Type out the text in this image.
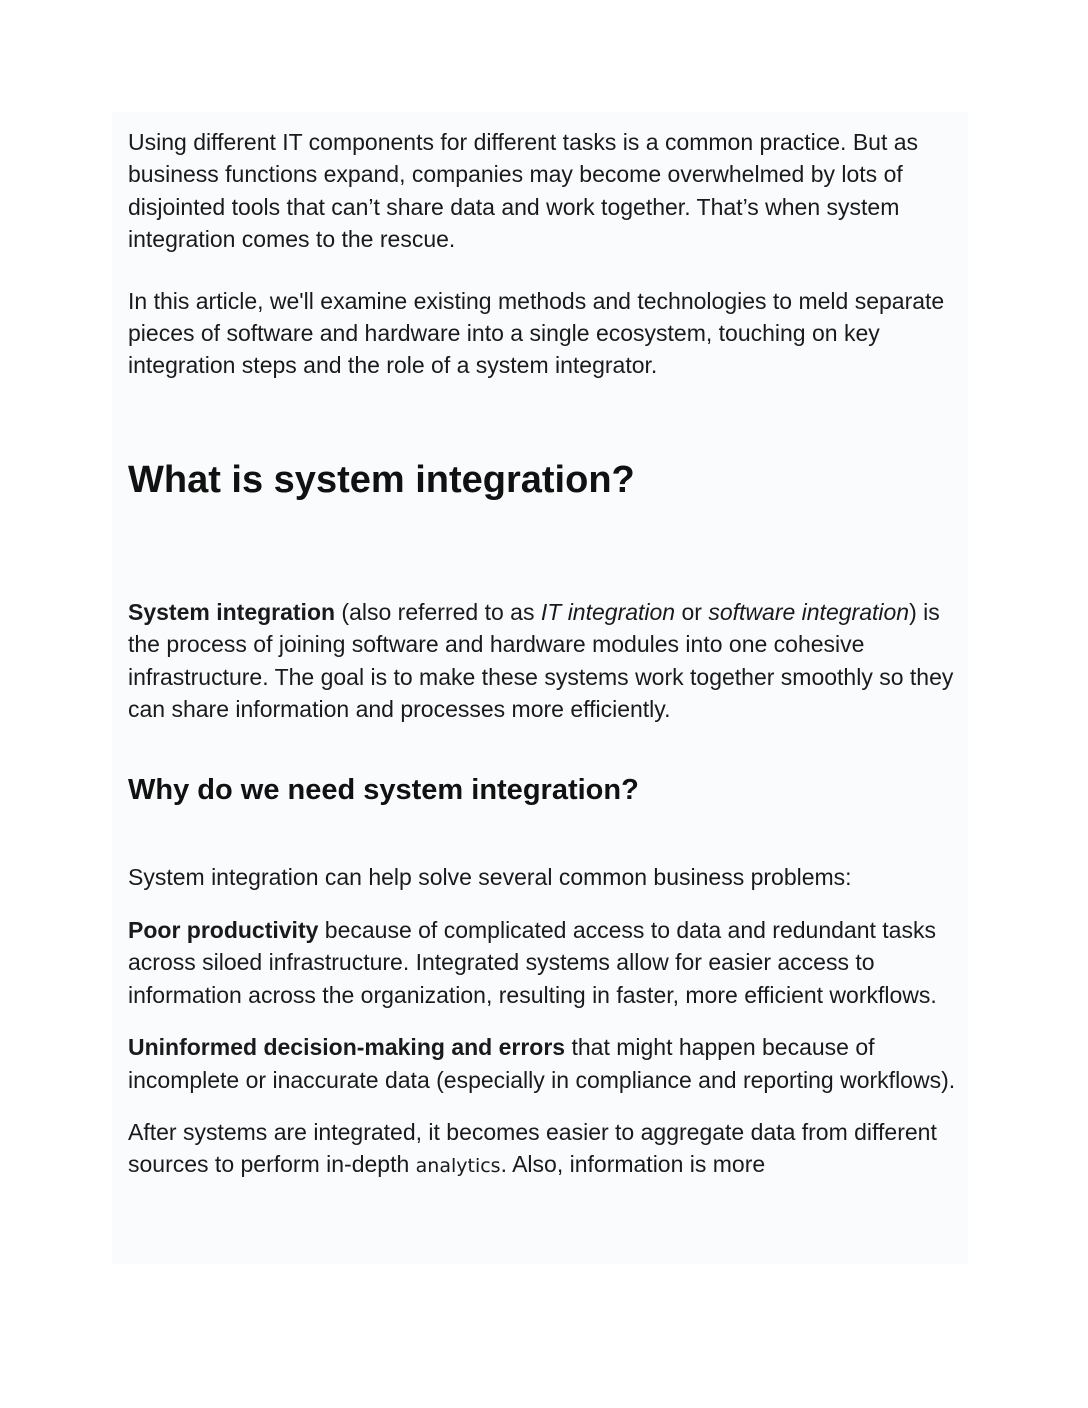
Using different IT components for different tasks is a common practice. But as business functions expand, companies may become overwhelmed by lots of disjointed tools that can’t share data and work together. That’s when system integration comes to the rescue.

In this article, we'll examine existing methods and technologies to meld separate pieces of software and hardware into a single ecosystem, touching on key integration steps and the role of a system integrator.

What is system integration?

System integration (also referred to as IT integration or software integration) is the process of joining software and hardware modules into one cohesive infrastructure. The goal is to make these systems work together smoothly so they can share information and processes more efficiently.

Why do we need system integration?

System integration can help solve several common business problems:

Poor productivity because of complicated access to data and redundant tasks across siloed infrastructure. Integrated systems allow for easier access to information across the organization, resulting in faster, more efficient workflows.

Uninformed decision-making and errors that might happen because of incomplete or inaccurate data (especially in compliance and reporting workflows).

After systems are integrated, it becomes easier to aggregate data from different sources to perform in-depth analytics. Also, information is more
